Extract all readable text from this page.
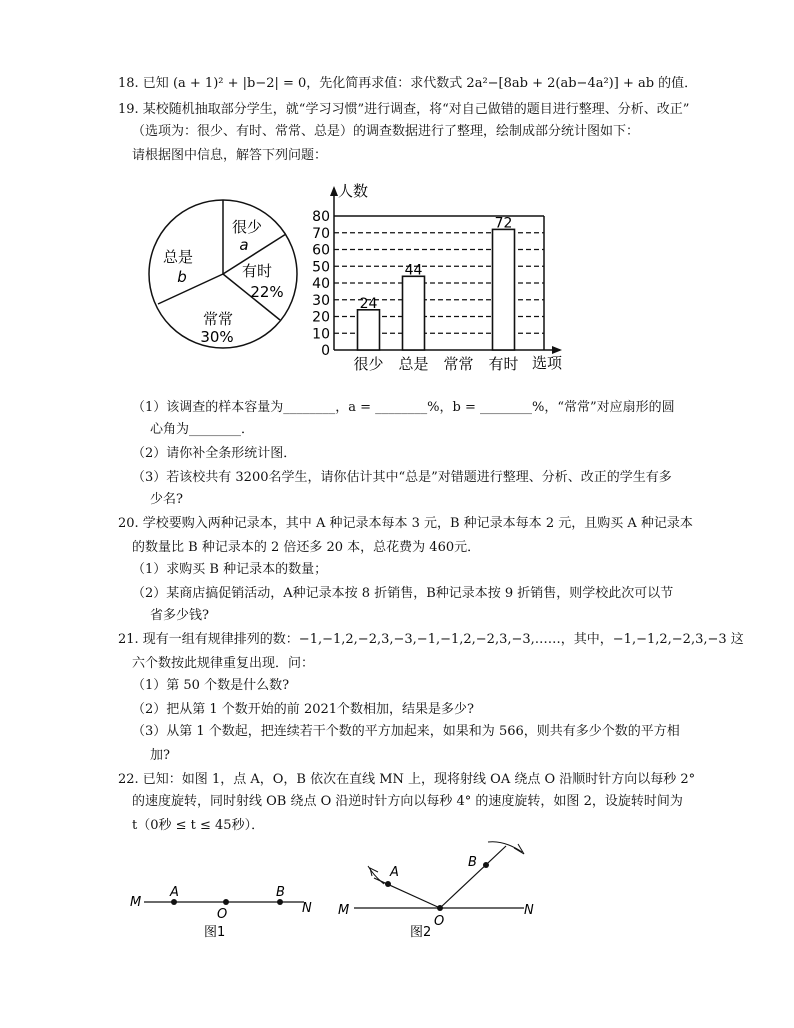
18. 已知 (a + 1)² + |b−2| = 0，先化简再求值：求代数式 2a²−[8ab + 2(ab−4a²)] + ab 的值．
19. 某校随机抽取部分学生，就“学习习惯”进行调查，将“对自己做错的题目进行整理、分析、改正”
（选项为：很少、有时、常常、总是）的调查数据进行了整理，绘制成部分统计图如下：
请根据图中信息，解答下列问题：
很少
a
有时
22%
常常
30%
总是
b
0
10
20
30
40
50
60
70
80
24
44
72
很少 总是 常常 有时
人数
选项
（1）该调查的样本容量为________，a = ________%，b = ________%，“常常”对应扇形的圆
心角为________．
（2）请你补全条形统计图．
（3）若该校共有 3200名学生，请你估计其中“总是”对错题进行整理、分析、改正的学生有多
少名?
20. 学校要购入两种记录本，其中 A 种记录本每本 3 元，B 种记录本每本 2 元，且购买 A 种记录本
的数量比 B 种记录本的 2 倍还多 20 本，总花费为 460元．
（1）求购买 B 种记录本的数量；
（2）某商店搞促销活动，A种记录本按 8 折销售，B种记录本按 9 折销售，则学校此次可以节
省多少钱?
21. 现有一组有规律排列的数：−1,−1,2,−2,3,−3,−1,−1,2,−2,3,−3,……，其中，−1,−1,2,−2,3,−3 这
六个数按此规律重复出现．问：
（1）第 50 个数是什么数?
（2）把从第 1 个数开始的前 2021个数相加，结果是多少?
（3）从第 1 个数起，把连续若干个数的平方加起来，如果和为 566，则共有多少个数的平方相
加?
22. 已知：如图 1，点 A，O，B 依次在直线 MN 上，现将射线 OA 绕点 O 沿顺时针方向以每秒 2°
的速度旋转，同时射线 OB 绕点 O 沿逆时针方向以每秒 4° 的速度旋转，如图 2，设旋转时间为
t（0秒 ≤ t ≤ 45秒）．
M
A
O
B
N
图1
M
A
O
B
N
图2
